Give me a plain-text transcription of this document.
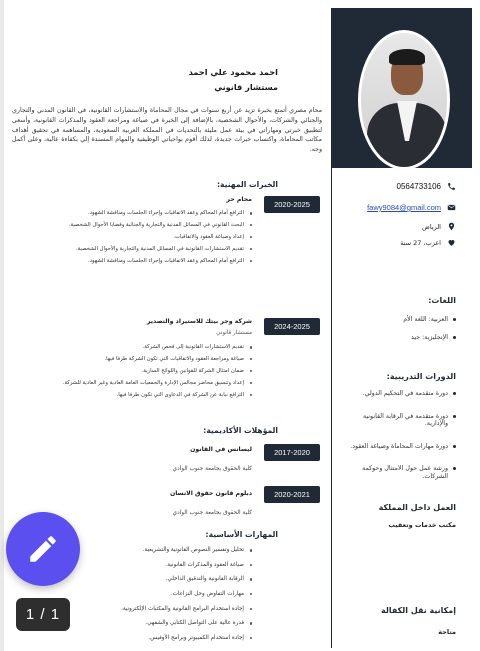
0564733106
fawy9084@gmail.com
الرياض
اعزب، 27 سنة
اللغات:
العربية: اللغة الأم
الإنجليزية: جيد
الدورات التدريبية:
دورة متقدمة في التحكيم الدولي.
دورة متقدمة في الرقابة القانونية والإدارية.
دورة مهارات المحاماة وصياغة العقود.
ورشة عمل حول الامتثال وحوكمة الشركات.
العمل داخل المملكة
مكتب خدمات وتعقيب
إمكانية نقل الكفالة
متاحة
احمد محمود علي احمد
مستشار قانوني
محام مصري أتمتع بخبرة تزيد عن أربع سنوات في مجال المحاماة والاستشارات القانونية، في القانون المدني والتجاري والجنائي والشركات، والأحوال الشخصية، بالإضافة إلى الخبرة في صياغة ومراجعة العقود والمذكرات القانونية، وأسعى لتطبيق خبرتي ومهاراتي في بيئة عمل مليئة بالتحديات في المملكة العربية السعودية، والمساهمة في تحقيق أهداف مكاتب المحاماة، واكتساب خبرات جديدة، لذلك أقوم بواجباتي الوظيفية والمهام المسندة إلي بكفاءة عالية، وعلى أكمل وجه.
الخبرات المهنية:
2020-2025
محام حر
الترافع أمام المحاكم وعقد الاتفاقيات وإجراء الجلسات ومناقشة الشهود.
البحث القانوني في المسائل المدنية والتجارية والجنائية وقضايا الأحوال الشخصية.
إعداد وصياغة العقود والاتفاقيات.
تقديم الاستشارات القانونية في المسائل المدنية والتجارية والأحوال الشخصية.
الترافع أمام المحاكم وعقد الاتفاقيات وإجراء الجلسات ومناقشة الشهود.
2024-2025
شركة وجر بيتك للاستيراد والتصدير
مستشار قانوني
تقديم الاستشارات القانونية إلى فحص الشركة.
صياغة ومراجعة العقود والاتفاقيات التي تكون الشركة طرفا فيها.
ضمان امتثال الشركة للقوانين واللوائح السارية.
إعداد وتنسيق محاضر مجالس الإدارة والجمعيات العامة العادية وغير العادية للشركة.
الترافع نيابة عن الشركة في الدعاوى التي تكون طرفا فيها.
المؤهلات الأكاديمية:
2017-2020
ليسانس في القانون
كلية الحقوق بجامعة جنوب الوادي
2020-2021
دبلوم قانون حقوق الانسان
كلية الحقوق بجامعة جنوب الوادي
المهارات الأساسية:
تحليل وتفسير النصوص القانونية والتشريعية.
صياغة العقود والمذكرات القانونية.
الرقابة القانونية والتدقيق الداخلي.
مهارات التفاوض وحل النزاعات.
إجادة استخدام البرامج القانونية والمكتبات الإلكترونية.
قدرة عالية على التواصل الكتابي والشفهي.
إجادة استخدام الكمبيوتر وبرامج الأوفيس.
1 / 1
